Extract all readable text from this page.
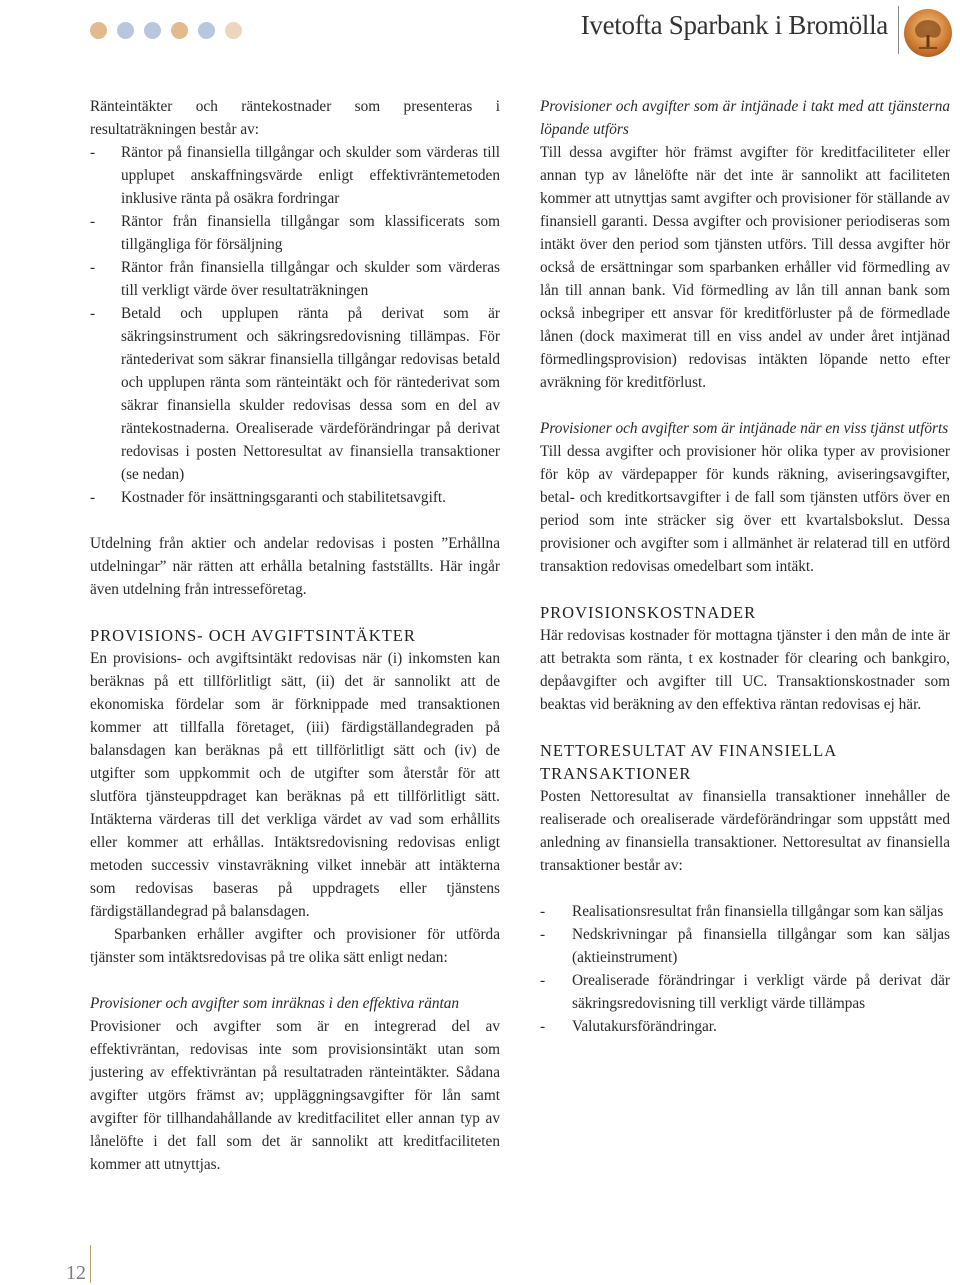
Ivetofta Sparbank i Bromölla

Ränteintäkter och räntekostnader som presenteras i resultaträkningen består av:

- Räntor på finansiella tillgångar och skulder som värderas till upplupet anskaffningsvärde enligt effektivräntemetoden inklusive ränta på osäkra fordringar
- Räntor från finansiella tillgångar som klassificerats som tillgängliga för försäljning
- Räntor från finansiella tillgångar och skulder som värderas till verkligt värde över resultaträkningen
- Betald och upplupen ränta på derivat som är säkringsinstrument och säkringsredovisning tillämpas. För räntederivat som säkrar finansiella tillgångar redovisas betald och upplupen ränta som ränteintäkt och för räntederivat som säkrar finansiella skulder redovisas dessa som en del av räntekostnaderna. Orealiserade värdeförändringar på derivat redovisas i posten Nettoresultat av finansiella transaktioner (se nedan)
- Kostnader för insättningsgaranti och stabilitetsavgift.

Utdelning från aktier och andelar redovisas i posten ”Erhållna utdelningar” när rätten att erhålla betalning fastställts. Här ingår även utdelning från intresseföretag.

PROVISIONS- OCH AVGIFTSINTÄKTER

En provisions- och avgiftsintäkt redovisas när (i) inkomsten kan beräknas på ett tillförlitligt sätt, (ii) det är sannolikt att de ekonomiska fördelar som är förknippade med transaktionen kommer att tillfalla företaget, (iii) färdigställandegraden på balansdagen kan beräknas på ett tillförlitligt sätt och (iv) de utgifter som uppkommit och de utgifter som återstår för att slutföra tjänsteuppdraget kan beräknas på ett tillförlitligt sätt. Intäkterna värderas till det verkliga värdet av vad som erhållits eller kommer att erhållas. Intäktsredovisning redovisas enligt metoden successiv vinstavräkning vilket innebär att intäkterna som redovisas baseras på uppdragets eller tjänstens färdigställandegrad på balansdagen.

Sparbanken erhåller avgifter och provisioner för utförda tjänster som intäktsredovisas på tre olika sätt enligt nedan:

Provisioner och avgifter som inräknas i den effektiva räntan

Provisioner och avgifter som är en integrerad del av effektivräntan, redovisas inte som provisionsintäkt utan som justering av effektivräntan på resultatraden ränteintäkter. Sådana avgifter utgörs främst av; uppläggningsavgifter för lån samt avgifter för tillhandahållande av kreditfacilitet eller annan typ av lånelöfte i det fall som det är sannolikt att kreditfaciliteten kommer att utnyttjas.

Provisioner och avgifter som är intjänade i takt med att tjänsterna löpande utförs

Till dessa avgifter hör främst avgifter för kreditfaciliteter eller annan typ av lånelöfte när det inte är sannolikt att faciliteten kommer att utnyttjas samt avgifter och provisioner för ställande av finansiell garanti. Dessa avgifter och provisioner periodiseras som intäkt över den period som tjänsten utförs. Till dessa avgifter hör också de ersättningar som sparbanken erhåller vid förmedling av lån till annan bank. Vid förmedling av lån till annan bank som också inbegriper ett ansvar för kreditförluster på de förmedlade lånen (dock maximerat till en viss andel av under året intjänad förmedlingsprovision) redovisas intäkten löpande netto efter avräkning för kreditförlust.

Provisioner och avgifter som är intjänade när en viss tjänst utförts

Till dessa avgifter och provisioner hör olika typer av provisioner för köp av värdepapper för kunds räkning, aviseringsavgifter, betal- och kreditkortsavgifter i de fall som tjänsten utförs över en period som inte sträcker sig över ett kvartalsbokslut. Dessa provisioner och avgifter som i allmänhet är relaterad till en utförd transaktion redovisas omedelbart som intäkt.

PROVISIONSKOSTNADER

Här redovisas kostnader för mottagna tjänster i den mån de inte är att betrakta som ränta, t ex kostnader för clearing och bankgiro, depåavgifter och avgifter till UC. Transaktionskostnader som beaktas vid beräkning av den effektiva räntan redovisas ej här.

NETTORESULTAT AV FINANSIELLA TRANSAKTIONER

Posten Nettoresultat av finansiella transaktioner innehåller de realiserade och orealiserade värdeförändringar som uppstått med anledning av finansiella transaktioner. Nettoresultat av finansiella transaktioner består av:

- Realisationsresultat från finansiella tillgångar som kan säljas
- Nedskrivningar på finansiella tillgångar som kan säljas (aktieinstrument)
- Orealiserade förändringar i verkligt värde på derivat där säkringsredovisning till verkligt värde tillämpas
- Valutakursförändringar.
12
